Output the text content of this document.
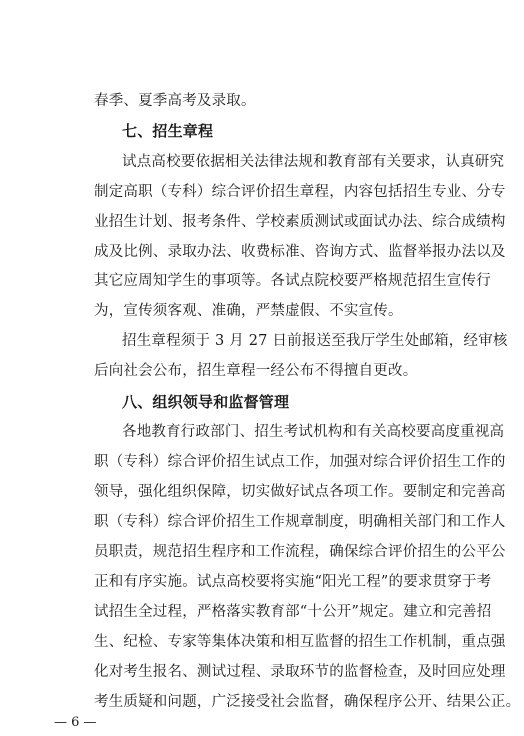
春季、夏季高考及录取。
七、招生章程
试点高校要依据相关法律法规和教育部有关要求，认真研究
制定高职（专科）综合评价招生章程，内容包括招生专业、分专
业招生计划、报考条件、学校素质测试或面试办法、综合成绩构
成及比例、录取办法、收费标准、咨询方式、监督举报办法以及
其它应周知学生的事项等。各试点院校要严格规范招生宣传行
为，宣传须客观、准确，严禁虚假、不实宣传。
招生章程须于 3 月 27 日前报送至我厅学生处邮箱，经审核
后向社会公布，招生章程一经公布不得擅自更改。
八、组织领导和监督管理
各地教育行政部门、招生考试机构和有关高校要高度重视高
职（专科）综合评价招生试点工作，加强对综合评价招生工作的
领导，强化组织保障，切实做好试点各项工作。要制定和完善高
职（专科）综合评价招生工作规章制度，明确相关部门和工作人
员职责，规范招生程序和工作流程，确保综合评价招生的公平公
正和有序实施。试点高校要将实施“阳光工程”的要求贯穿于考
试招生全过程，严格落实教育部“十公开”规定。建立和完善招
生、纪检、专家等集体决策和相互监督的招生工作机制，重点强
化对考生报名、测试过程、录取环节的监督检查，及时回应处理
考生质疑和问题，广泛接受社会监督，确保程序公开、结果公正。
— 6 —
